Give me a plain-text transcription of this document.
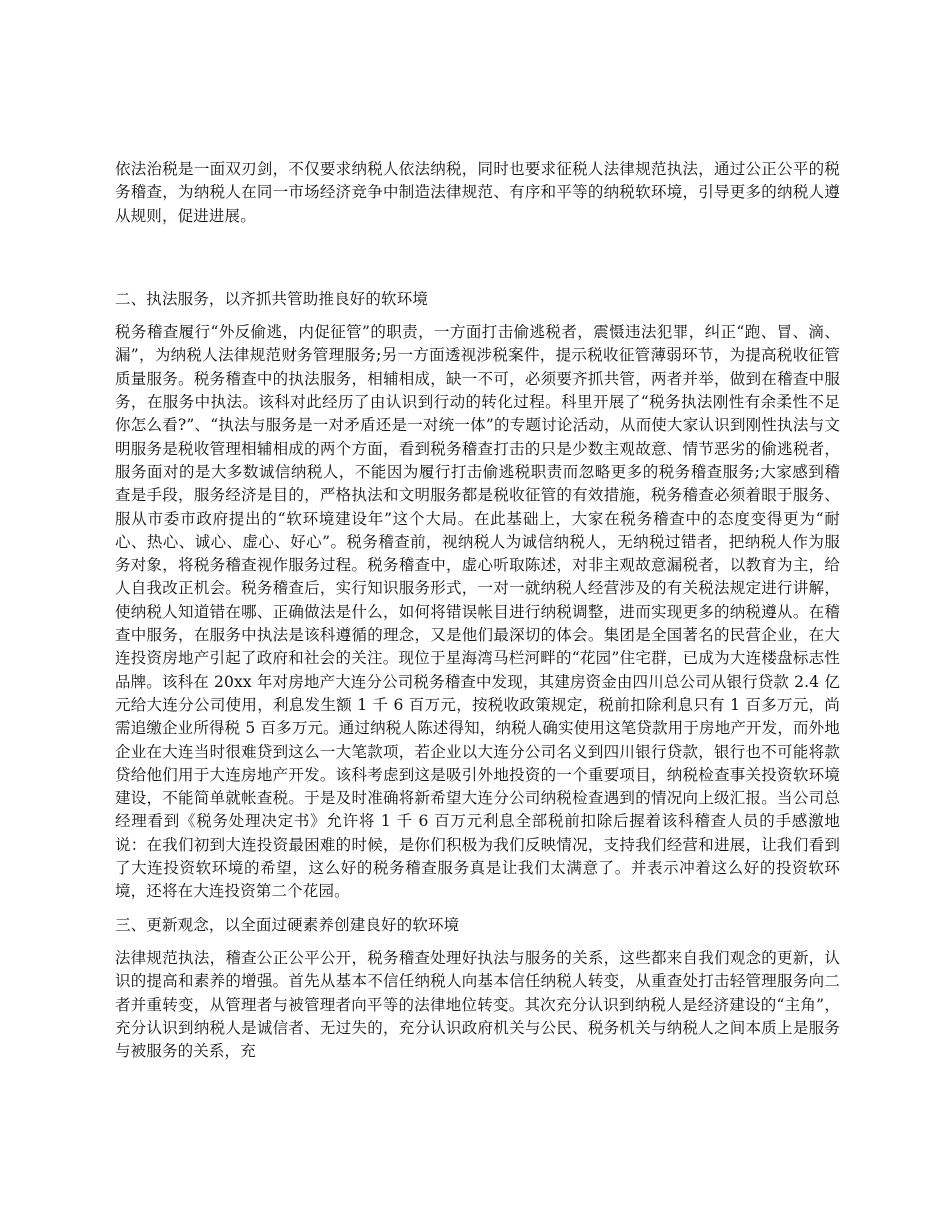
依法治税是一面双刃剑，不仅要求纳税人依法纳税，同时也要求征税人法律规范执法，通过公正公平的税务稽查，为纳税人在同一市场经济竞争中制造法律规范、有序和平等的纳税软环境，引导更多的纳税人遵从规则，促进进展。

二、执法服务，以齐抓共管助推良好的软环境

税务稽查履行“外反偷逃，内促征管”的职责，一方面打击偷逃税者，震慑违法犯罪，纠正“跑、冒、滴、漏”，为纳税人法律规范财务管理服务;另一方面透视涉税案件，提示税收征管薄弱环节，为提高税收征管质量服务。税务稽查中的执法服务，相辅相成，缺一不可，必须要齐抓共管，两者并举，做到在稽查中服务，在服务中执法。该科对此经历了由认识到行动的转化过程。科里开展了“税务执法刚性有余柔性不足你怎么看?”、“执法与服务是一对矛盾还是一对统一体”的专题讨论活动，从而使大家认识到刚性执法与文明服务是税收管理相辅相成的两个方面，看到税务稽查打击的只是少数主观故意、情节恶劣的偷逃税者，服务面对的是大多数诚信纳税人，不能因为履行打击偷逃税职责而忽略更多的税务稽查服务;大家感到稽查是手段，服务经济是目的，严格执法和文明服务都是税收征管的有效措施，税务稽查必须着眼于服务、服从市委市政府提出的“软环境建设年”这个大局。在此基础上，大家在税务稽查中的态度变得更为“耐心、热心、诚心、虚心、好心”。税务稽查前，视纳税人为诚信纳税人，无纳税过错者，把纳税人作为服务对象，将税务稽查视作服务过程。税务稽查中，虚心听取陈述，对非主观故意漏税者，以教育为主，给人自我改正机会。税务稽查后，实行知识服务形式，一对一就纳税人经营涉及的有关税法规定进行讲解，使纳税人知道错在哪、正确做法是什么，如何将错误帐目进行纳税调整，进而实现更多的纳税遵从。在稽查中服务，在服务中执法是该科遵循的理念，又是他们最深切的体会。集团是全国著名的民营企业，在大连投资房地产引起了政府和社会的关注。现位于星海湾马栏河畔的“花园”住宅群，已成为大连楼盘标志性品牌。该科在 20xx 年对房地产大连分公司税务稽查中发现，其建房资金由四川总公司从银行贷款 2.4 亿元给大连分公司使用，利息发生额 1 千 6 百万元，按税收政策规定，税前扣除利息只有 1 百多万元，尚需追缴企业所得税 5 百多万元。通过纳税人陈述得知，纳税人确实使用这笔贷款用于房地产开发，而外地企业在大连当时很难贷到这么一大笔款项，若企业以大连分公司名义到四川银行贷款，银行也不可能将款贷给他们用于大连房地产开发。该科考虑到这是吸引外地投资的一个重要项目，纳税检查事关投资软环境建设，不能简单就帐查税。于是及时准确将新希望大连分公司纳税检查遇到的情况向上级汇报。当公司总经理看到《税务处理决定书》允许将 1 千 6 百万元利息全部税前扣除后握着该科稽查人员的手感激地说：在我们初到大连投资最困难的时候，是你们积极为我们反映情况，支持我们经营和进展，让我们看到了大连投资软环境的希望，这么好的税务稽查服务真是让我们太满意了。并表示冲着这么好的投资软环境，还将在大连投资第二个花园。

三、更新观念，以全面过硬素养创建良好的软环境

法律规范执法，稽查公正公平公开，税务稽查处理好执法与服务的关系，这些都来自我们观念的更新，认识的提高和素养的增强。首先从基本不信任纳税人向基本信任纳税人转变，从重查处打击轻管理服务向二者并重转变，从管理者与被管理者向平等的法律地位转变。其次充分认识到纳税人是经济建设的“主角”，充分认识到纳税人是诚信者、无过失的，充分认识政府机关与公民、税务机关与纳税人之间本质上是服务与被服务的关系，充
